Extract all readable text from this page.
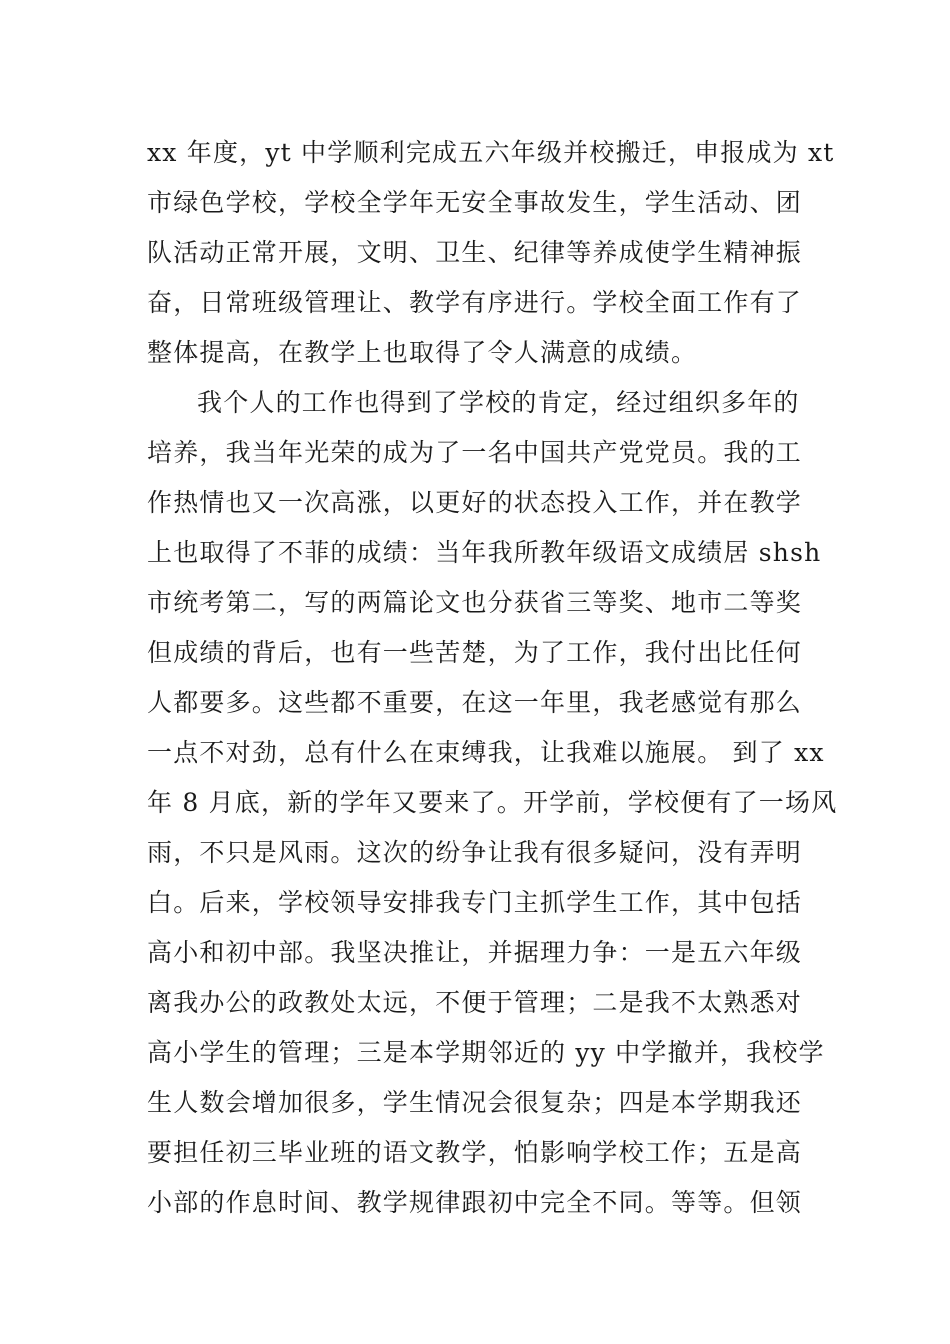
xx 年度，yt 中学顺利完成五六年级并校搬迁，申报成为 xt
市绿色学校，学校全学年无安全事故发生，学生活动、团
队活动正常开展，文明、卫生、纪律等养成使学生精神振
奋，日常班级管理让、教学有序进行。学校全面工作有了
整体提高，在教学上也取得了令人满意的成绩。
我个人的工作也得到了学校的肯定，经过组织多年的
培养，我当年光荣的成为了一名中国共产党党员。我的工
作热情也又一次高涨，以更好的状态投入工作，并在教学
上也取得了不菲的成绩：当年我所教年级语文成绩居 shsh
市统考第二，写的两篇论文也分获省三等奖、地市二等奖
但成绩的背后，也有一些苦楚，为了工作，我付出比任何
人都要多。这些都不重要，在这一年里，我老感觉有那么
一点不对劲，总有什么在束缚我，让我难以施展。 到了 xx
年 8 月底，新的学年又要来了。开学前，学校便有了一场风
雨，不只是风雨。这次的纷争让我有很多疑问，没有弄明
白。后来，学校领导安排我专门主抓学生工作，其中包括
高小和初中部。我坚决推让，并据理力争：一是五六年级
离我办公的政教处太远，不便于管理；二是我不太熟悉对
高小学生的管理；三是本学期邻近的 yy 中学撤并，我校学
生人数会增加很多，学生情况会很复杂；四是本学期我还
要担任初三毕业班的语文教学，怕影响学校工作；五是高
小部的作息时间、教学规律跟初中完全不同。等等。但领
